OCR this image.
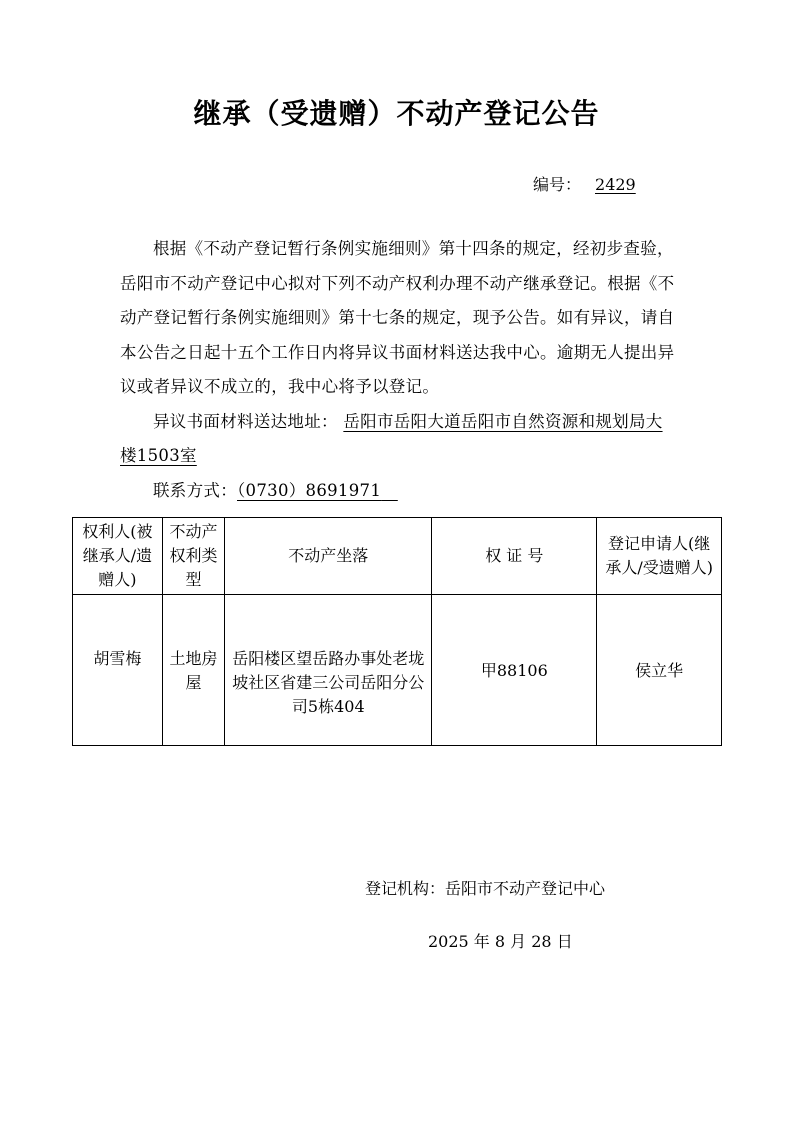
继承（受遗赠）不动产登记公告
编号： 2429

根据《不动产登记暂行条例实施细则》第十四条的规定，经初步查验，岳阳市不动产登记中心拟对下列不动产权利办理不动产继承登记。根据《不动产登记暂行条例实施细则》第十七条的规定，现予公告。如有异议，请自本公告之日起十五个工作日内将异议书面材料送达我中心。逾期无人提出异议或者异议不成立的，我中心将予以登记。

异议书面材料送达地址： 岳阳市岳阳大道岳阳市自然资源和规划局大楼1503室

联系方式：（0730）8691971

权利人(被继承人/遗赠人)	不动产权利类型	不动产坐落	权 证 号	登记申请人(继承人/受遗赠人)
胡雪梅	土地房屋	岳阳楼区望岳路办事处老垅坡社区省建三公司岳阳分公司5栋404	甲88106	侯立华
登记机构：岳阳市不动产登记中心
2025 年 8 月 28 日
